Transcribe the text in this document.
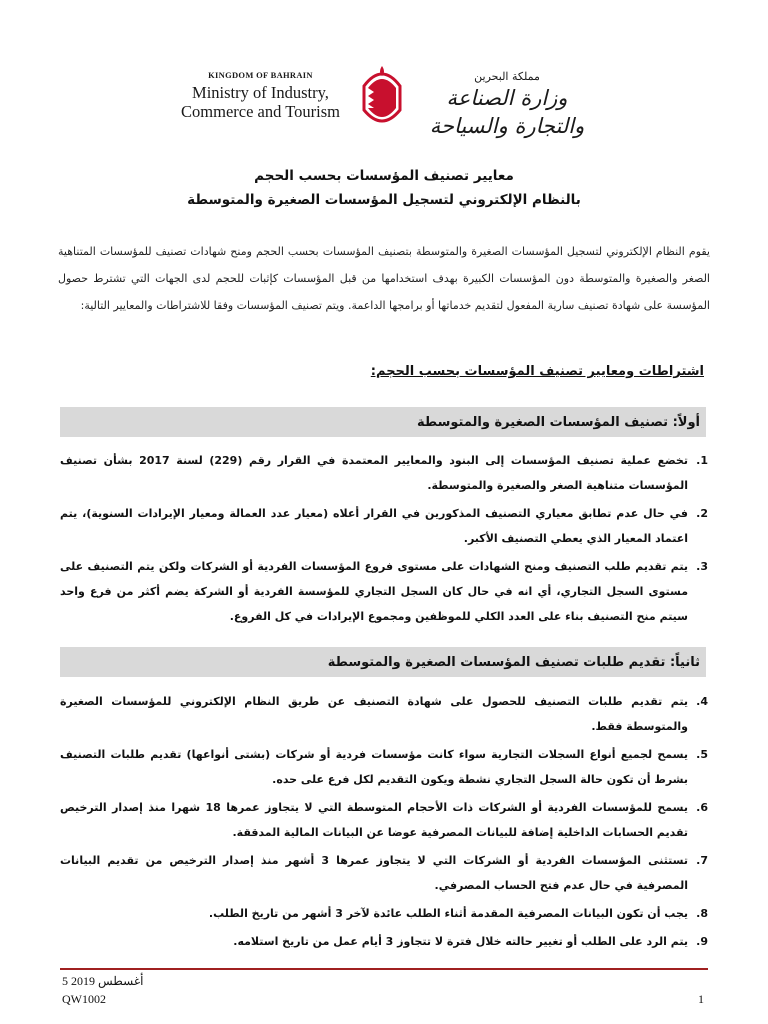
KINGDOM OF BAHRAIN
Ministry of Industry,
Commerce and Tourism
مملكة البحرين
وزارة الصناعة والتجارة والسياحة
معايير تصنيف المؤسسات بحسب الحجم
بالنظام الإلكتروني لتسجيل المؤسسات الصغيرة والمتوسطة
يقوم النظام الإلكتروني لتسجيل المؤسسات الصغيرة والمتوسطة بتصنيف المؤسسات بحسب الحجم ومنح شهادات تصنيف للمؤسسات المتناهية الصغر والصغيرة والمتوسطة دون المؤسسات الكبيرة بهدف استخدامها من قبل المؤسسات كإثبات للحجم لدى الجهات التي تشترط حصول المؤسسة على شهادة تصنيف سارية المفعول لتقديم خدماتها أو برامجها الداعمة. ويتم تصنيف المؤسسات وفقا للاشتراطات والمعايير التالية:
اشتراطات ومعايير تصنيف المؤسسات بحسب الحجم:
أولاً: تصنيف المؤسسات الصغيرة والمتوسطة
1.
تخضع عملية تصنيف المؤسسات إلى البنود والمعايير المعتمدة في القرار رقم (229) لسنة 2017 بشأن تصنيف المؤسسات متناهية الصغر والصغيرة والمتوسطة.
2.
في حال عدم تطابق معياري التصنيف المذكورين في القرار أعلاه (معيار عدد العمالة ومعيار الإيرادات السنوية)، يتم اعتماد المعيار الذي يعطي التصنيف الأكبر.
3.
يتم تقديم طلب التصنيف ومنح الشهادات على مستوى فروع المؤسسات الفردية أو الشركات ولكن يتم التصنيف على مستوى السجل التجاري، أي انه في حال كان السجل التجاري للمؤسسة الفردية أو الشركة يضم أكثر من فرع واحد سيتم منح التصنيف بناء على العدد الكلي للموظفين ومجموع الإيرادات في كل الفروع.
ثانياً: تقديم طلبات تصنيف المؤسسات الصغيرة والمتوسطة
4.
يتم تقديم طلبات التصنيف للحصول على شهادة التصنيف عن طريق النظام الإلكتروني للمؤسسات الصغيرة والمتوسطة فقط.
5.
يسمح لجميع أنواع السجلات التجارية سواء كانت مؤسسات فردية أو شركات (بشتى أنواعها) تقديم طلبات التصنيف بشرط أن تكون حالة السجل التجاري نشطة ويكون التقديم لكل فرع على حده.
6.
يسمح للمؤسسات الفردية أو الشركات ذات الأحجام المتوسطة التي لا يتجاوز عمرها 18 شهرا منذ إصدار الترخيص تقديم الحسابات الداخلية إضافة للبيانات المصرفية عوضا عن البيانات المالية المدققة.
7.
تستثنى المؤسسات الفردية أو الشركات التي لا يتجاوز عمرها 3 أشهر منذ إصدار الترخيص من تقديم البيانات المصرفية في حال عدم فتح الحساب المصرفي.
8.
يجب أن تكون البيانات المصرفية المقدمة أثناء الطلب عائدة لآخر 3 أشهر من تاريخ الطلب.
9.
يتم الرد على الطلب أو تغيير حالته خلال فترة لا تتجاوز 3 أيام عمل من تاريخ استلامه.
5 أغسطس 2019
QW1002	1
